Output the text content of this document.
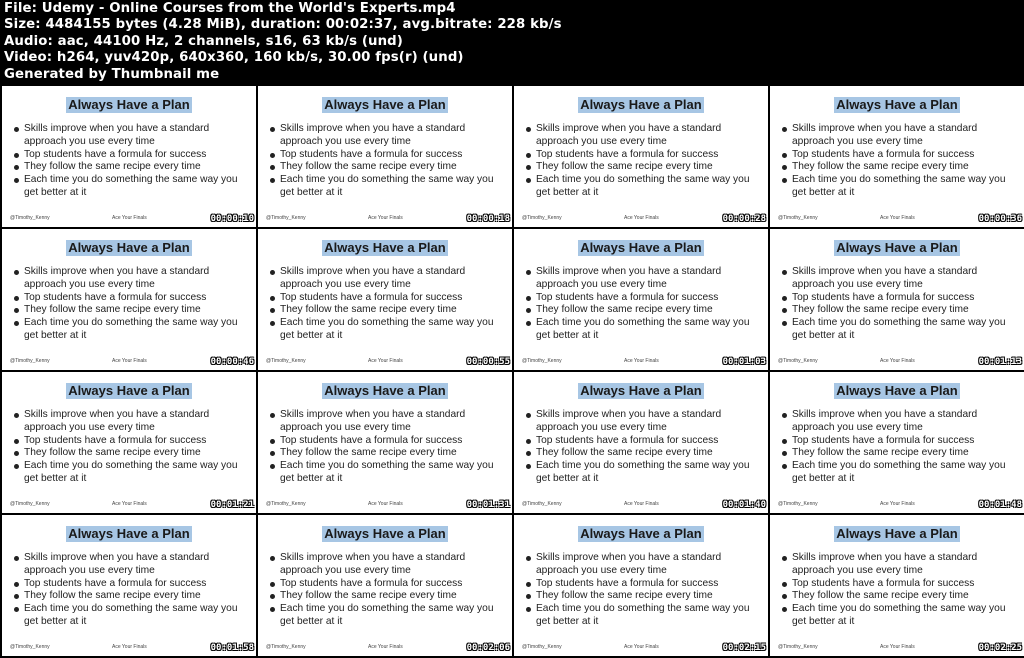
File: Udemy - Online Courses from the World's Experts.mp4
Size: 4484155 bytes (4.28 MiB), duration: 00:02:37, avg.bitrate: 228 kb/s
Audio: aac, 44100 Hz, 2 channels, s16, 63 kb/s (und)
Video: h264, yuv420p, 640x360, 160 kb/s, 30.00 fps(r) (und)
Generated by Thumbnail me
Always Have a Plan
Skills improve when you have a standard approach you use every time
Top students have a formula for success
They follow the same recipe every time
Each time you do something the same way you get better at it
@Timothy_Kenny	Ace Your Finals	00:00:10
Always Have a Plan
Skills improve when you have a standard approach you use every time
Top students have a formula for success
They follow the same recipe every time
Each time you do something the same way you get better at it
@Timothy_Kenny	Ace Your Finals	00:00:18
Always Have a Plan
Skills improve when you have a standard approach you use every time
Top students have a formula for success
They follow the same recipe every time
Each time you do something the same way you get better at it
@Timothy_Kenny	Ace Your Finals	00:00:28
Always Have a Plan
Skills improve when you have a standard approach you use every time
Top students have a formula for success
They follow the same recipe every time
Each time you do something the same way you get better at it
@Timothy_Kenny	Ace Your Finals	00:00:36
Always Have a Plan
Skills improve when you have a standard approach you use every time
Top students have a formula for success
They follow the same recipe every time
Each time you do something the same way you get better at it
@Timothy_Kenny	Ace Your Finals	00:00:46
Always Have a Plan
Skills improve when you have a standard approach you use every time
Top students have a formula for success
They follow the same recipe every time
Each time you do something the same way you get better at it
@Timothy_Kenny	Ace Your Finals	00:00:55
Always Have a Plan
Skills improve when you have a standard approach you use every time
Top students have a formula for success
They follow the same recipe every time
Each time you do something the same way you get better at it
@Timothy_Kenny	Ace Your Finals	00:01:03
Always Have a Plan
Skills improve when you have a standard approach you use every time
Top students have a formula for success
They follow the same recipe every time
Each time you do something the same way you get better at it
@Timothy_Kenny	Ace Your Finals	00:01:13
Always Have a Plan
Skills improve when you have a standard approach you use every time
Top students have a formula for success
They follow the same recipe every time
Each time you do something the same way you get better at it
@Timothy_Kenny	Ace Your Finals	00:01:21
Always Have a Plan
Skills improve when you have a standard approach you use every time
Top students have a formula for success
They follow the same recipe every time
Each time you do something the same way you get better at it
@Timothy_Kenny	Ace Your Finals	00:01:31
Always Have a Plan
Skills improve when you have a standard approach you use every time
Top students have a formula for success
They follow the same recipe every time
Each time you do something the same way you get better at it
@Timothy_Kenny	Ace Your Finals	00:01:40
Always Have a Plan
Skills improve when you have a standard approach you use every time
Top students have a formula for success
They follow the same recipe every time
Each time you do something the same way you get better at it
@Timothy_Kenny	Ace Your Finals	00:01:48
Always Have a Plan
Skills improve when you have a standard approach you use every time
Top students have a formula for success
They follow the same recipe every time
Each time you do something the same way you get better at it
@Timothy_Kenny	Ace Your Finals	00:01:58
Always Have a Plan
Skills improve when you have a standard approach you use every time
Top students have a formula for success
They follow the same recipe every time
Each time you do something the same way you get better at it
@Timothy_Kenny	Ace Your Finals	00:02:06
Always Have a Plan
Skills improve when you have a standard approach you use every time
Top students have a formula for success
They follow the same recipe every time
Each time you do something the same way you get better at it
@Timothy_Kenny	Ace Your Finals	00:02:15
Always Have a Plan
Skills improve when you have a standard approach you use every time
Top students have a formula for success
They follow the same recipe every time
Each time you do something the same way you get better at it
@Timothy_Kenny	Ace Your Finals	00:02:25
